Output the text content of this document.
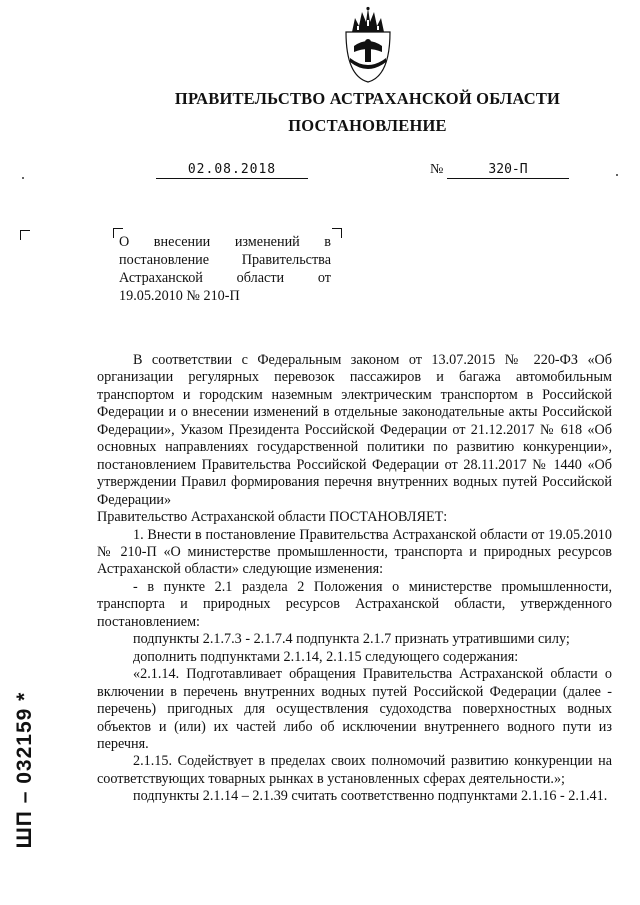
ПРАВИТЕЛЬСТВО АСТРАХАНСКОЙ ОБЛАСТИ
ПОСТАНОВЛЕНИЕ
02.08.2018	№	320-П
О внесении изменений в
постановление Правительства
Астраханской области от
19.05.2010 № 210-П

В соответствии с Федеральным законом от 13.07.2015 № 220-ФЗ «Об организации регулярных перевозок пассажиров и багажа автомобильным транспортом и городским наземным электрическим транспортом в Российской Федерации и о внесении изменений в отдельные законодательные акты Российской Федерации», Указом Президента Российской Федерации от 21.12.2017 № 618 «Об основных направлениях государственной политики по развитию конкуренции», постановлением Правительства Российской Федерации от 28.11.2017 № 1440 «Об утверждении Правил формирования перечня внутренних водных путей Российской Федерации»

Правительство Астраханской области ПОСТАНОВЛЯЕТ:

1. Внести в постановление Правительства Астраханской области от 19.05.2010 № 210-П «О министерстве промышленности, транспорта и природных ресурсов Астраханской области» следующие изменения:

- в пункте 2.1 раздела 2 Положения о министерстве промышленности, транспорта и природных ресурсов Астраханской области, утвержденного постановлением:

подпункты 2.1.7.3 - 2.1.7.4 подпункта 2.1.7 признать утратившими силу;

дополнить подпунктами 2.1.14, 2.1.15 следующего содержания:

«2.1.14. Подготавливает обращения Правительства Астраханской области о включении в перечень внутренних водных путей Российской Федерации (далее - перечень) пригодных для осуществления судоходства поверхностных водных объектов и (или) их частей либо об исключении внутреннего водного пути из перечня.

2.1.15. Содействует в пределах своих полномочий развитию конкуренции на соответствующих товарных рынках в установленных сферах деятельности.»;

подпункты 2.1.14 – 2.1.39 считать соответственно подпунктами 2.1.16 - 2.1.41.

ШП – 032159 *
